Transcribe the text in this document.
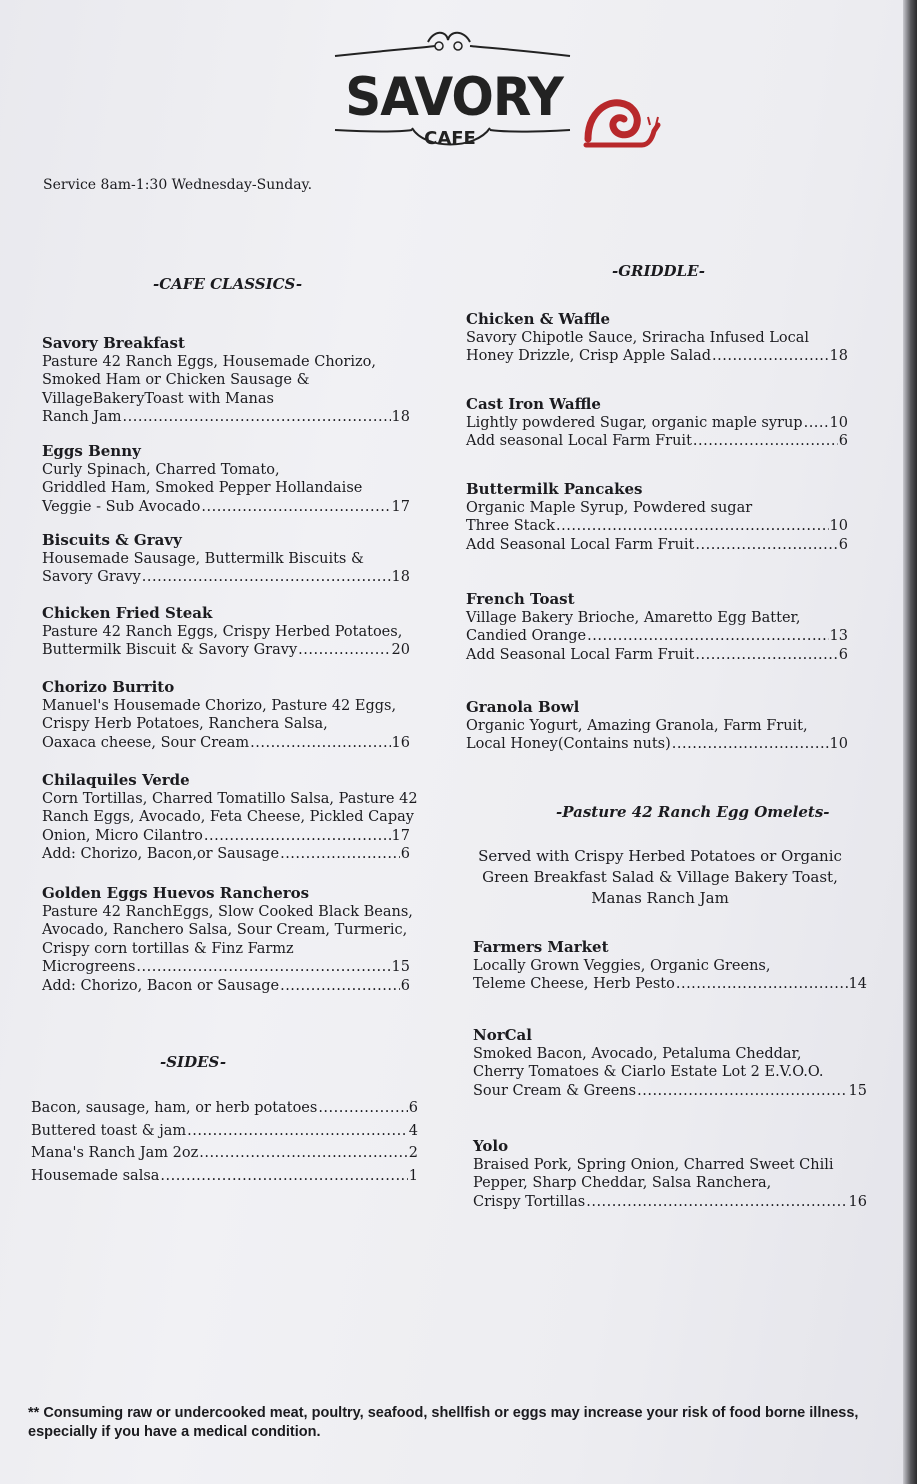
SAVORY
CAFE
Service 8am-1:30 Wednesday-Sunday.
-CAFE CLASSICS-
Savory Breakfast
Pasture 42 Ranch Eggs, Housemade Chorizo,
Smoked Ham or Chicken Sausage &
VillageBakeryToast with Manas
Ranch Jam .....	18
Eggs Benny
Curly Spinach, Charred Tomato,
Griddled Ham, Smoked Pepper Hollandaise
Veggie - Sub Avocado .....	17
Biscuits & Gravy
Housemade Sausage, Buttermilk Biscuits &
Savory Gravy .....	18
Chicken Fried Steak
Pasture 42 Ranch Eggs, Crispy Herbed Potatoes,
Buttermilk Biscuit & Savory Gravy .....	20
Chorizo Burrito
Manuel's Housemade Chorizo, Pasture 42 Eggs,
Crispy Herb Potatoes, Ranchera Salsa,
Oaxaca cheese, Sour Cream .....	16
Chilaquiles Verde
Corn Tortillas, Charred Tomatillo Salsa, Pasture 42
Ranch Eggs, Avocado, Feta Cheese, Pickled Capay
Onion, Micro Cilantro .....	17
Add: Chorizo, Bacon,or Sausage .....	6
Golden Eggs Huevos Rancheros
Pasture 42 RanchEggs, Slow Cooked Black Beans,
Avocado, Ranchero Salsa, Sour Cream, Turmeric,
Crispy corn tortillas & Finz Farmz
Microgreens .....	15
Add: Chorizo, Bacon or Sausage .....	6
-SIDES-
Bacon, sausage, ham, or herb potatoes .....	6
Buttered toast & jam .....	4
Mana's Ranch Jam 2oz .....	2
Housemade salsa .....	1
-GRIDDLE-
Chicken & Waffle
Savory Chipotle Sauce, Sriracha Infused Local
Honey Drizzle, Crisp Apple Salad .....	18
Cast Iron Waffle
Lightly powdered Sugar, organic maple syrup ..... 10
Add seasonal Local Farm Fruit .....	6
Buttermilk Pancakes
Organic Maple Syrup, Powdered sugar
Three Stack .....	10
Add Seasonal Local Farm Fruit .....	6
French Toast
Village Bakery Brioche, Amaretto Egg Batter,
Candied Orange .....	13
Add Seasonal Local Farm Fruit .....	6
Granola Bowl
Organic Yogurt, Amazing Granola, Farm Fruit,
Local Honey(Contains nuts) .....	10
-Pasture 42 Ranch Egg Omelets-
Served with Crispy Herbed Potatoes or Organic
Green Breakfast Salad & Village Bakery Toast,
Manas Ranch Jam
Farmers Market
Locally Grown Veggies, Organic Greens,
Teleme Cheese, Herb Pesto .....	14
NorCal
Smoked Bacon, Avocado, Petaluma Cheddar,
Cherry Tomatoes & Ciarlo Estate Lot 2 E.V.O.O.
Sour Cream & Greens .....	15
Yolo
Braised Pork, Spring Onion, Charred Sweet Chili
Pepper, Sharp Cheddar, Salsa Ranchera,
Crispy Tortillas .....	16
** Consuming raw or undercooked meat, poultry, seafood, shellfish or eggs may increase your risk of food borne illness, especially if you have a medical condition.
